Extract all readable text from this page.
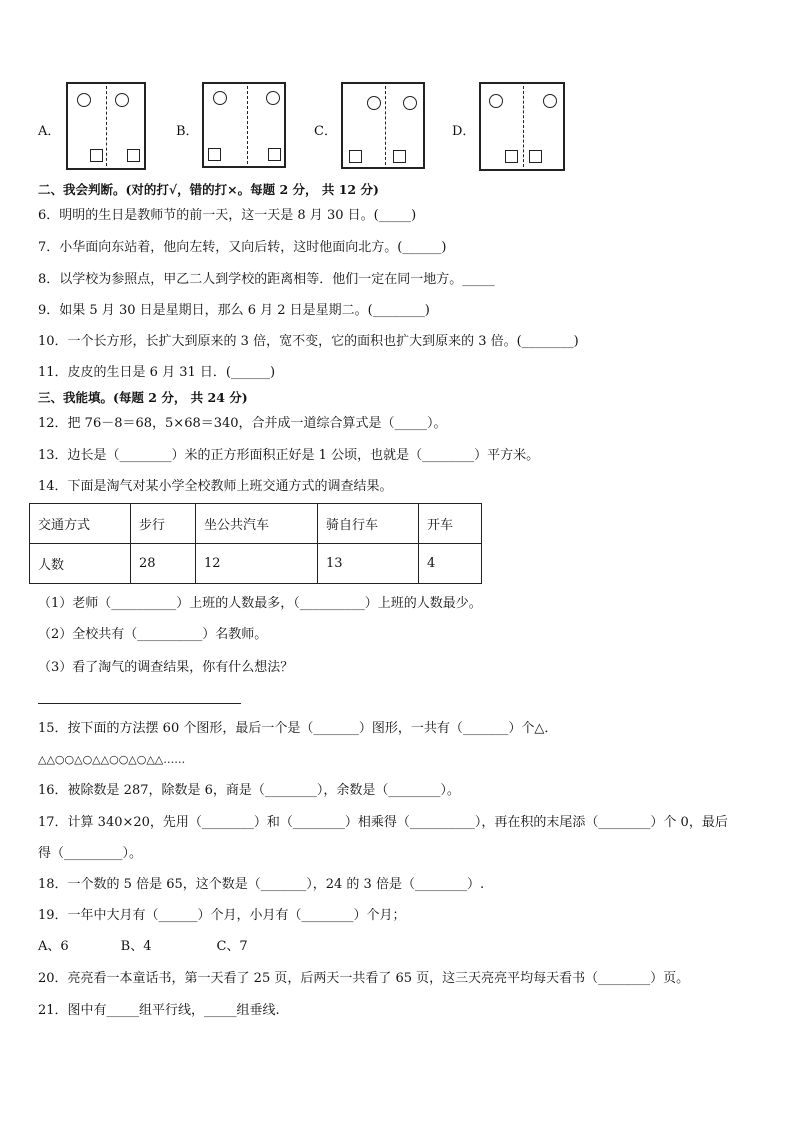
A．	B．	C．	D．
二、我会判断。(对的打√，错的打×。每题 2 分， 共 12 分)
6．明明的生日是教师节的前一天，这一天是 8 月 30 日。(_____)
7．小华面向东站着，他向左转，又向后转，这时他面向北方。(______)
8．以学校为参照点，甲乙二人到学校的距离相等．他们一定在同一地方。_____
9．如果 5 月 30 日是星期日，那么 6 月 2 日是星期二。(________)
10．一个长方形，长扩大到原来的 3 倍，宽不变，它的面积也扩大到原来的 3 倍。(________)
11．皮皮的生日是 6 月 31 日．(______)
三、我能填。(每题 2 分， 共 24 分)
12．把 76－8＝68，5×68＝340，合并成一道综合算式是（_____）。
13．边长是（________）米的正方形面积正好是 1 公顷，也就是（________）平方米。
14．下面是淘气对某小学全校教师上班交通方式的调查结果。
交通方式	步行	坐公共汽车	骑自行车	开车
人数	28	12	13	4
（1）老师（__________）上班的人数最多，（__________）上班的人数最少。
（2）全校共有（__________）名教师。
（3）看了淘气的调查结果，你有什么想法？
15．按下面的方法摆 60 个图形，最后一个是（_______）图形，一共有（_______）个△．
△△○○△○△△○○△○△△……
16．被除数是 287，除数是 6，商是（________），余数是（________）。
17．计算 340×20，先用（________）和（________）相乘得（__________），再在积的末尾添（________）个 0，最后
得（_________）。
18．一个数的 5 倍是 65，这个数是（_______），24 的 3 倍是（________）.
19．一年中大月有（______）个月，小月有（________）个月；
A、6　　　　B、4　　　　　C、7
20．亮亮看一本童话书，第一天看了 25 页，后两天一共看了 65 页，这三天亮亮平均每天看书（________）页。
21．图中有_____组平行线，_____组垂线.
